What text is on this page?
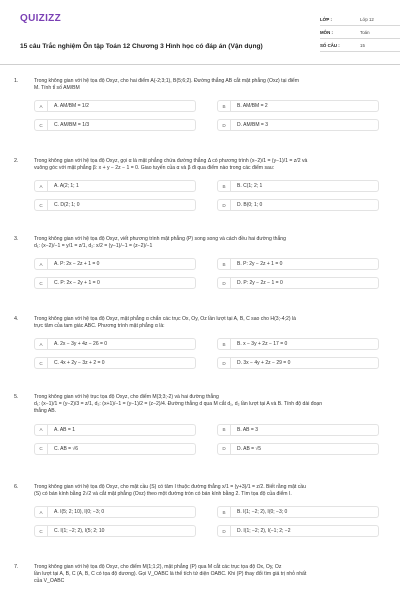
QUIZIZZ
15 câu Trắc nghiệm Ôn tập Toán 12 Chương 3 Hình học có đáp án (Vận dụng)
LỚP :	Lớp 12
MÔN :	Toán
SỐ CÂU :	15
1.	Trong không gian với hệ tọa độ Oxyz, cho hai điểm A(-2;3;1), B(5;6;2). Đường thẳng AB cắt mặt phẳng (Oxz) tại điểm
M. Tính tỉ số AM/BM
A	A. AM/BM = 1/2	B	B. AM/BM = 2
C	C. AM/BM = 1/3	D	D. AM/BM = 3
2.	Trong không gian với hệ tọa độ Oxyz, gọi α là mặt phẳng chứa đường thẳng Δ có phương trình (x−2)/1 = (y−1)/1 = z/2 và
vuông góc với mặt phẳng β: x + y − 2z − 1 = 0. Giao tuyến của α và β đi qua điểm nào trong các điểm sau:
A	A. A(2; 1; 1	B	B. C(1; 2; 1
C	C. D(2; 1; 0	D	D. B(0; 1; 0
3.	Trong không gian với hệ tọa độ Oxyz, viết phương trình mặt phẳng (P) song song và cách đều hai đường thẳng
d₁: (x−2)/−1 = y/1 = z/1, d₂: x/2 = (y−1)/−1 = (z−2)/−1
A	A. P: 2x − 2z + 1 = 0	B	B. P: 2y − 2z + 1 = 0
C	C. P: 2x − 2y + 1 = 0	D	D. P: 2y − 2z − 1 = 0
4.	Trong không gian với hệ tọa độ Oxyz, mặt phẳng α chắn các trục Ox, Oy, Oz lần lượt tại A, B, C sao cho H(3;-4;2) là
trực tâm của tam giác ABC. Phương trình mặt phẳng α là:
A	A. 2x − 3y + 4z − 26 = 0	B	B. x − 3y + 2z − 17 = 0
C	C. 4x + 2y − 3z + 2 = 0	D	D. 3x − 4y + 2z − 29 = 0
5.	Trong không gian với hệ trục tọa độ Oxyz, cho điểm M(3;3;-2) và hai đường thẳng
d₁: (x−1)/1 = (y−2)/3 = z/1, d₂: (x+1)/−1 = (y−1)/2 = (z−2)/4. Đường thẳng d qua M cắt d₁, d₂ lần lượt tại A và B. Tính độ dài đoạn
thẳng AB.
A	A. AB = 1	B	B. AB = 3
C	C. AB = √6	D	D. AB = √5
6.	Trong không gian với hệ tọa độ Oxyz, cho mặt cầu (S) có tâm I thuộc đường thẳng x/1 = (y+3)/1 = z/2. Biết rằng mặt cầu
(S) có bán kính bằng 2√2 và cắt mặt phẳng (Oxz) theo một đường tròn có bán kính bằng 2. Tìm tọa độ của điểm I.
A	A. I(5; 2; 10), I(0; −3; 0	B	B. I(1; −2; 2), I(0; −3; 0
C	C. I(1; −2; 2), I(5; 2; 10	D	D. I(1; −2; 2), I(−1; 2; −2
7.	Trong không gian với hệ tọa độ Oxyz, cho điểm M(1;1;2), mặt phẳng (P) qua M cắt các trục tọa độ Ox, Oy, Oz
lần lượt tại A, B, C (A, B, C có tọa độ dương). Gọi V_OABC là thể tích tứ diện OABC. Khi (P) thay đổi tìm giá trị nhỏ nhất
của V_OABC
